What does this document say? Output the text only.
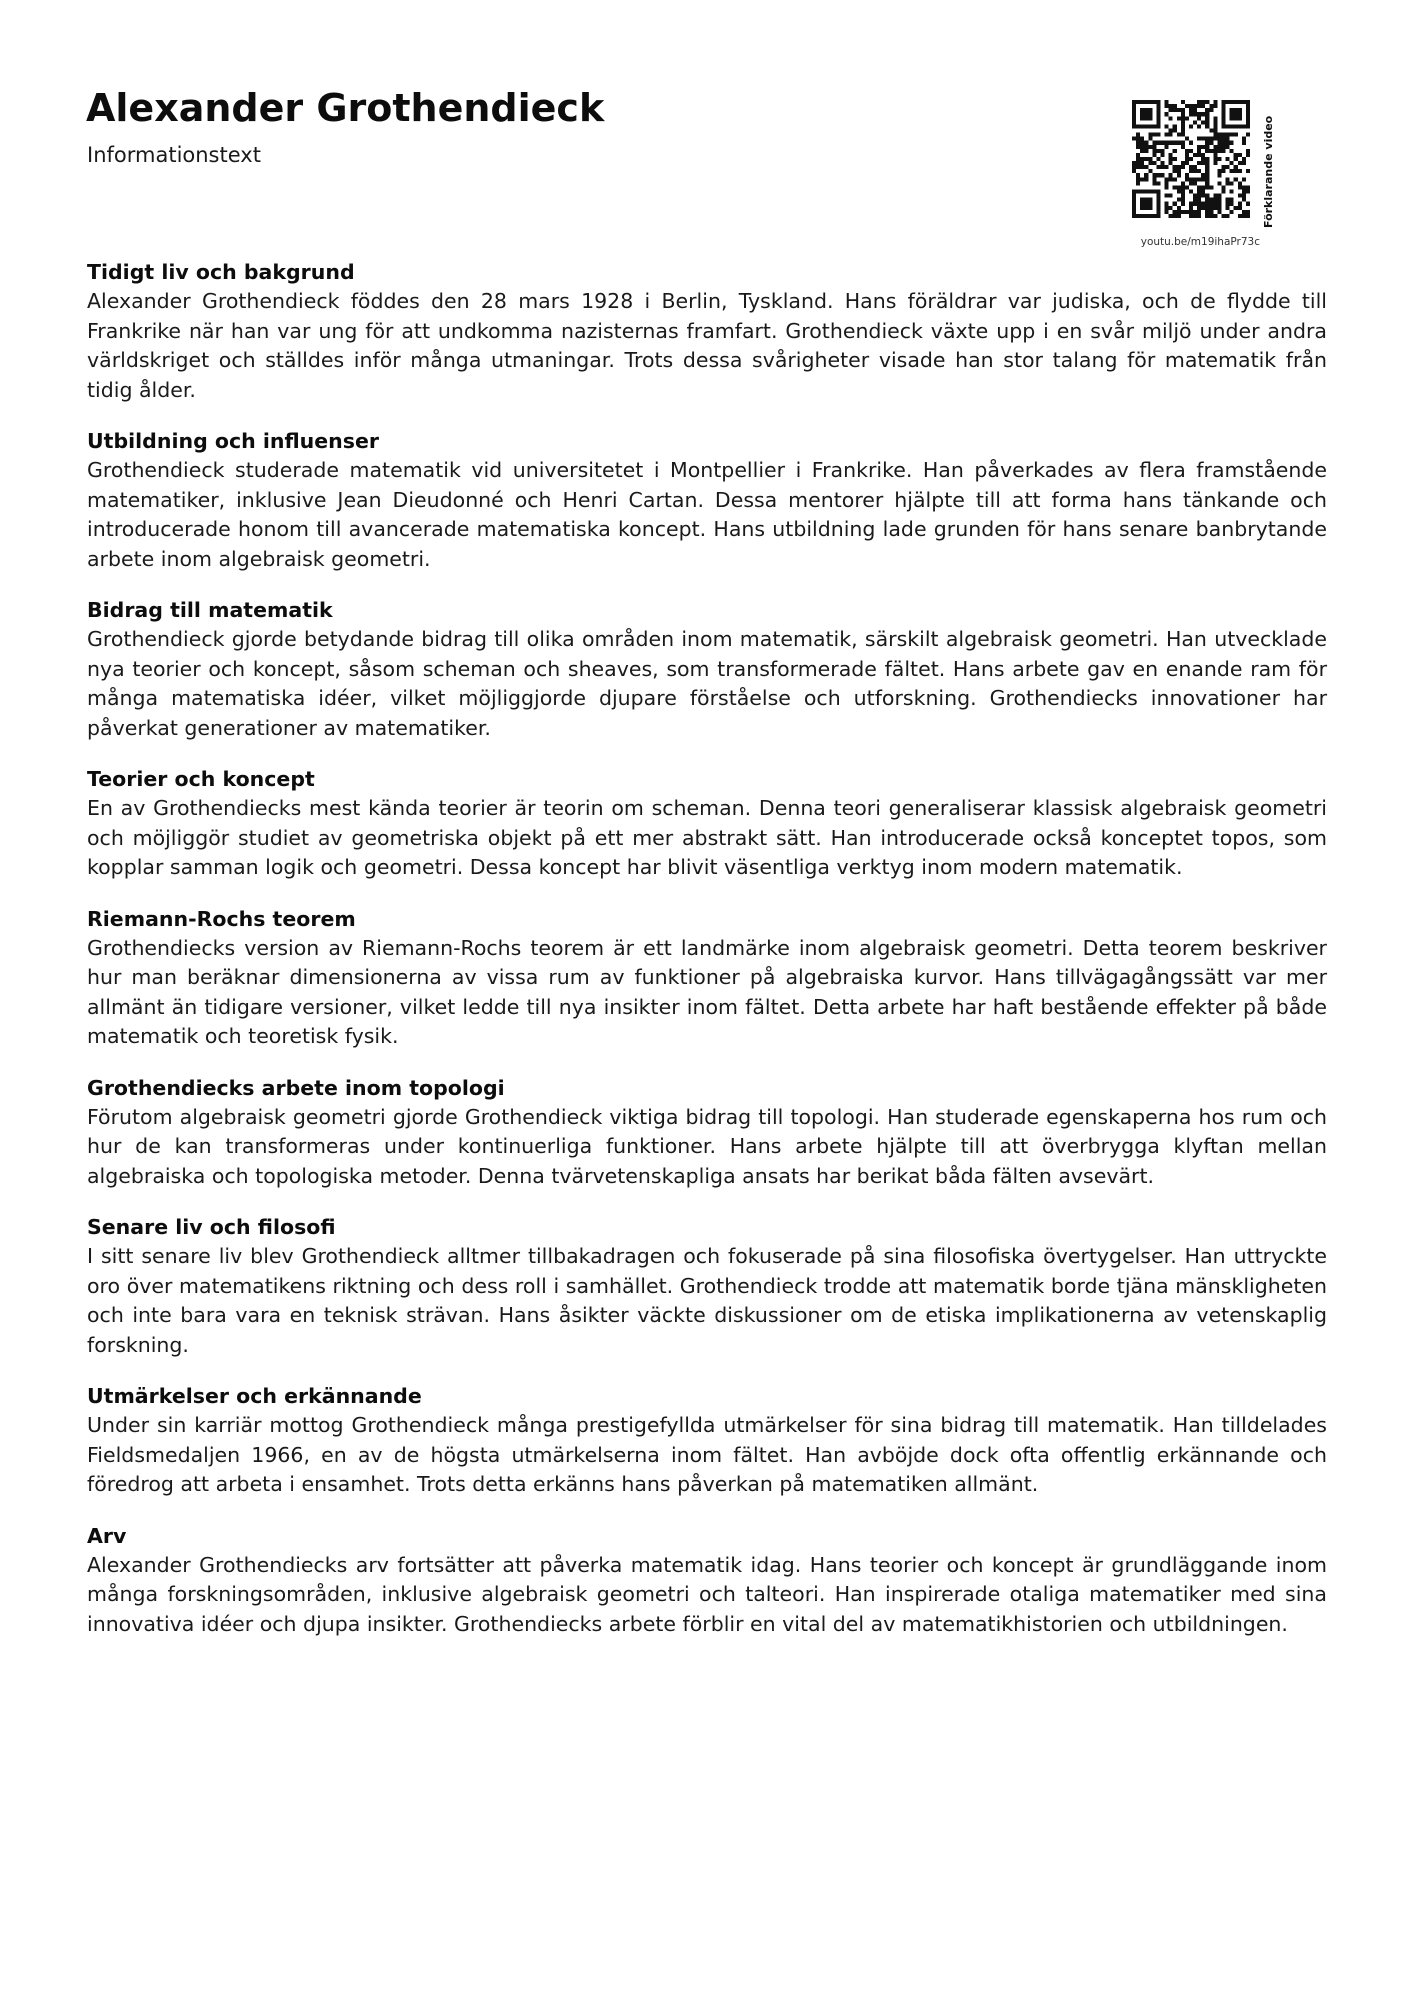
Alexander Grothendieck

Informationstext	Förklarande video
youtu.be/m19ihaPr73c
Tidigt liv och bakgrund

Alexander Grothendieck föddes den 28 mars 1928 i Berlin, Tyskland. Hans föräldrar var judiska, och de flydde till Frankrike när han var ung för att undkomma nazisternas framfart. Grothendieck växte upp i en svår miljö under andra världskriget och ställdes inför många utmaningar. Trots dessa svårigheter visade han stor talang för matematik från tidig ålder.

Utbildning och influenser

Grothendieck studerade matematik vid universitetet i Montpellier i Frankrike. Han påverkades av flera framstående matematiker, inklusive Jean Dieudonné och Henri Cartan. Dessa mentorer hjälpte till att forma hans tänkande och introducerade honom till avancerade matematiska koncept. Hans utbildning lade grunden för hans senare banbrytande arbete inom algebraisk geometri.

Bidrag till matematik

Grothendieck gjorde betydande bidrag till olika områden inom matematik, särskilt algebraisk geometri. Han utvecklade nya teorier och koncept, såsom scheman och sheaves, som transformerade fältet. Hans arbete gav en enande ram för många matematiska idéer, vilket möjliggjorde djupare förståelse och utforskning. Grothendiecks innovationer har påverkat generationer av matematiker.

Teorier och koncept

En av Grothendiecks mest kända teorier är teorin om scheman. Denna teori generaliserar klassisk algebraisk geometri och möjliggör studiet av geometriska objekt på ett mer abstrakt sätt. Han introducerade också konceptet topos, som kopplar samman logik och geometri. Dessa koncept har blivit väsentliga verktyg inom modern matematik.

Riemann-Rochs teorem

Grothendiecks version av Riemann-Rochs teorem är ett landmärke inom algebraisk geometri. Detta teorem beskriver hur man beräknar dimensionerna av vissa rum av funktioner på algebraiska kurvor. Hans tillvägagångssätt var mer allmänt än tidigare versioner, vilket ledde till nya insikter inom fältet. Detta arbete har haft bestående effekter på både matematik och teoretisk fysik.

Grothendiecks arbete inom topologi

Förutom algebraisk geometri gjorde Grothendieck viktiga bidrag till topologi. Han studerade egenskaperna hos rum och hur de kan transformeras under kontinuerliga funktioner. Hans arbete hjälpte till att överbrygga klyftan mellan algebraiska och topologiska metoder. Denna tvärvetenskapliga ansats har berikat båda fälten avsevärt.

Senare liv och filosofi

I sitt senare liv blev Grothendieck alltmer tillbakadragen och fokuserade på sina filosofiska övertygelser. Han uttryckte oro över matematikens riktning och dess roll i samhället. Grothendieck trodde att matematik borde tjäna mänskligheten och inte bara vara en teknisk strävan. Hans åsikter väckte diskussioner om de etiska implikationerna av vetenskaplig forskning.

Utmärkelser och erkännande

Under sin karriär mottog Grothendieck många prestigefyllda utmärkelser för sina bidrag till matematik. Han tilldelades Fieldsmedaljen 1966, en av de högsta utmärkelserna inom fältet. Han avböjde dock ofta offentlig erkännande och föredrog att arbeta i ensamhet. Trots detta erkänns hans påverkan på matematiken allmänt.

Arv

Alexander Grothendiecks arv fortsätter att påverka matematik idag. Hans teorier och koncept är grundläggande inom många forskningsområden, inklusive algebraisk geometri och talteori. Han inspirerade otaliga matematiker med sina innovativa idéer och djupa insikter. Grothendiecks arbete förblir en vital del av matematikhistorien och utbildningen.
